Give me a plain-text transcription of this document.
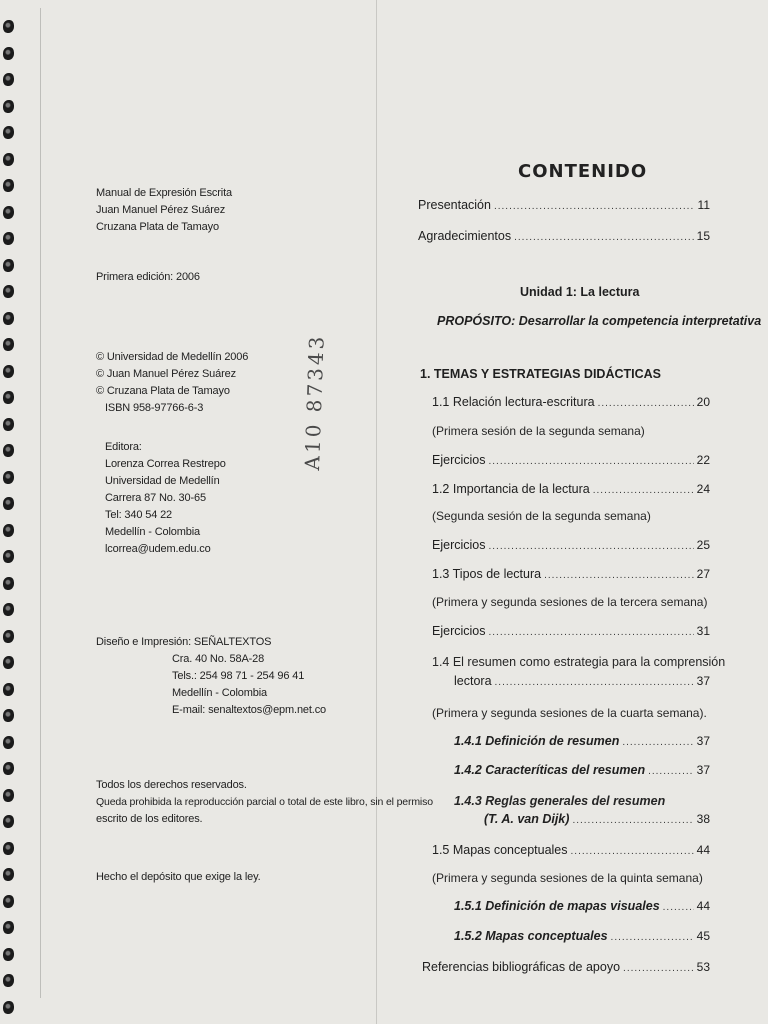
Manual de Expresión Escrita
Juan Manuel Pérez Suárez
Cruzana Plata de Tamayo
Primera edición: 2006
© Universidad de Medellín 2006
© Juan Manuel Pérez Suárez
© Cruzana Plata de Tamayo
ISBN 958-97766-6-3
Editora:
Lorenza Correa Restrepo
Universidad de Medellín
Carrera 87 No. 30-65
Tel: 340 54 22
Medellín - Colombia
lcorrea@udem.edu.co
Diseño e Impresión: SEÑALTEXTOS
Cra. 40 No. 58A-28
Tels.: 254 98 71 - 254 96 41
Medellín - Colombia
E-mail: senaltextos@epm.net.co
Todos los derechos reservados.
Queda prohibida la reproducción parcial o total de este libro, sin el permiso
escrito de los editores.
Hecho el depósito que exige la ley.
A10 87343
CONTENIDO
Presentación .....	11
Agradecimientos .....	15
Unidad 1: La lectura
PROPÓSITO: Desarrollar la competencia interpretativa
1. TEMAS Y ESTRATEGIAS DIDÁCTICAS
1.1 Relación lectura-escritura .....	20
(Primera sesión de la segunda semana)
Ejercicios .....	22
1.2 Importancia de la lectura .....	24
(Segunda sesión de la segunda semana)
Ejercicios .....	25
1.3 Tipos de lectura .....	27
(Primera y segunda sesiones de la tercera semana)
Ejercicios .....	31
1.4 El resumen como estrategia para la comprensión
lectora .....	37
(Primera y segunda sesiones de la cuarta semana).
1.4.1 Definición de resumen .....	37
1.4.2 Caracteríticas del resumen .....	37
1.4.3 Reglas generales del resumen
(T. A. van Dijk) .....	38
1.5 Mapas conceptuales .....	44
(Primera y segunda sesiones de la quinta semana)
1.5.1 Definición de mapas visuales .....	44
1.5.2 Mapas conceptuales .....	45
Referencias bibliográficas de apoyo .....	53
